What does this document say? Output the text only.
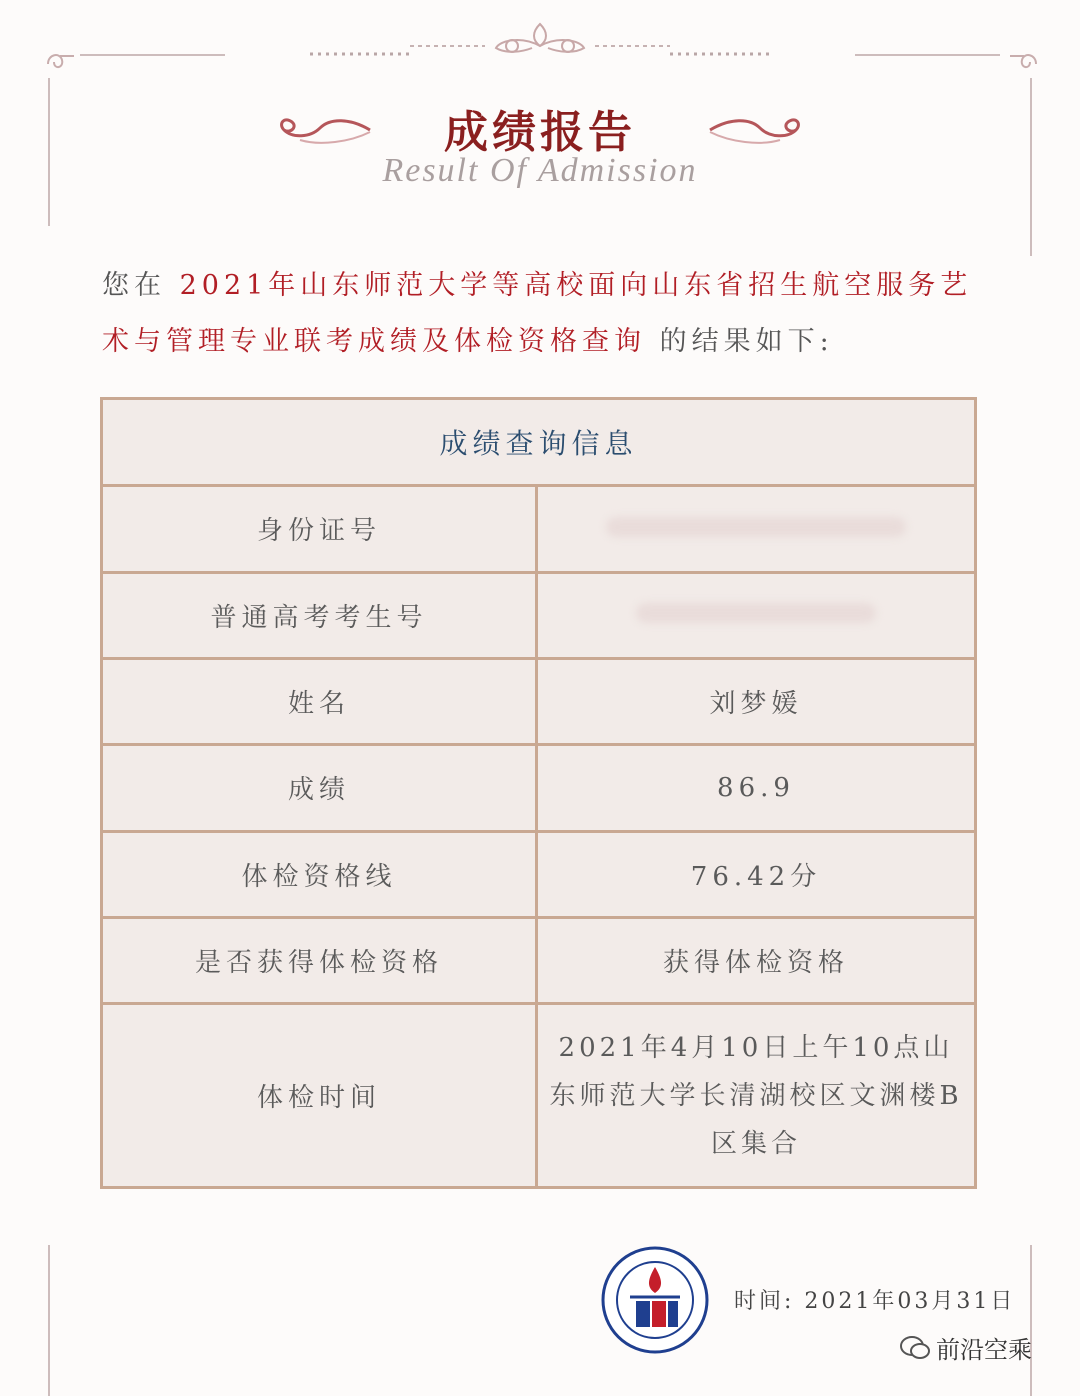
成绩报告
Result Of Admission
您在 2021年山东师范大学等高校面向山东省招生航空服务艺术与管理专业联考成绩及体检资格查询 的结果如下:
成绩查询信息	
身份证号	
普通高考考生号	
姓名	刘梦媛
成绩	86.9
体检资格线	76.42分
是否获得体检资格	获得体检资格
体检时间	2021年4月10日上午10点山东师范大学长清湖校区文渊楼B区集合
时间: 2021年03月31日
前沿空乘
